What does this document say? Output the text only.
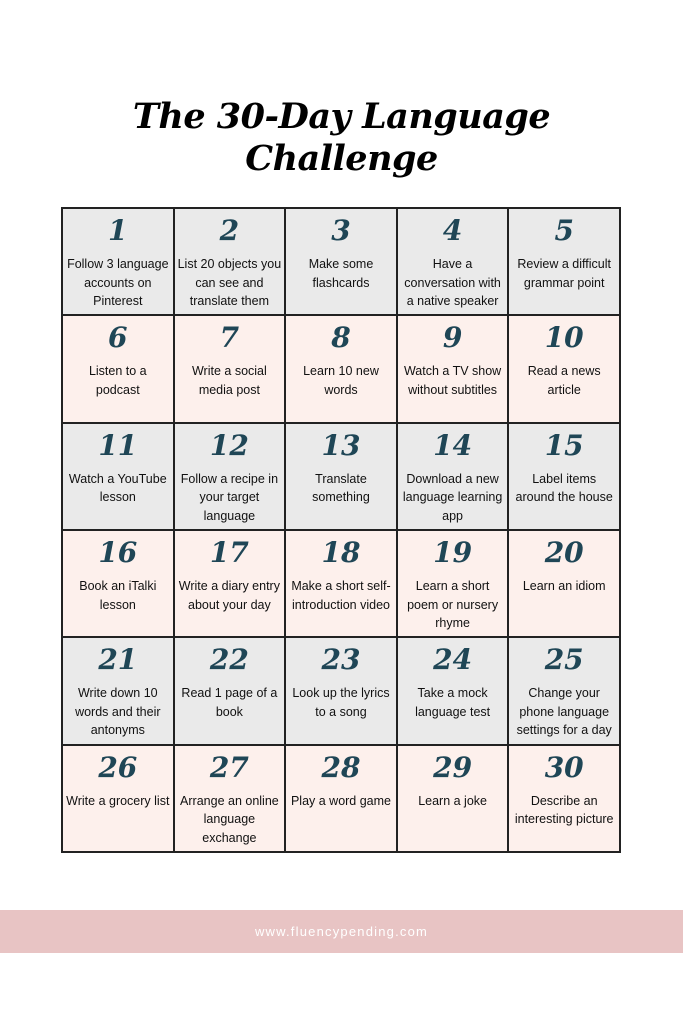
The 30-Day Language
Challenge
1
Follow 3 language accounts on Pinterest
2
List 20 objects you can see and translate them
3
Make some flashcards
4
Have a conversation with a native speaker
5
Review a difficult grammar point
6
Listen to a podcast
7
Write a social media post
8
Learn 10 new words
9
Watch a TV show without subtitles
10
Read a news article
11
Watch a YouTube lesson
12
Follow a recipe in your target language
13
Translate something
14
Download a new language learning app
15
Label items around the house
16
Book an iTalki lesson
17
Write a diary entry about your day
18
Make a short self-introduction video
19
Learn a short poem or nursery rhyme
20
Learn an idiom
21
Write down 10 words and their antonyms
22
Read 1 page of a book
23
Look up the lyrics to a song
24
Take a mock language test
25
Change your phone language settings for a day
26
Write a grocery list
27
Arrange an online language exchange
28
Play a word game
29
Learn a joke
30
Describe an interesting picture
www.fluencypending.com
